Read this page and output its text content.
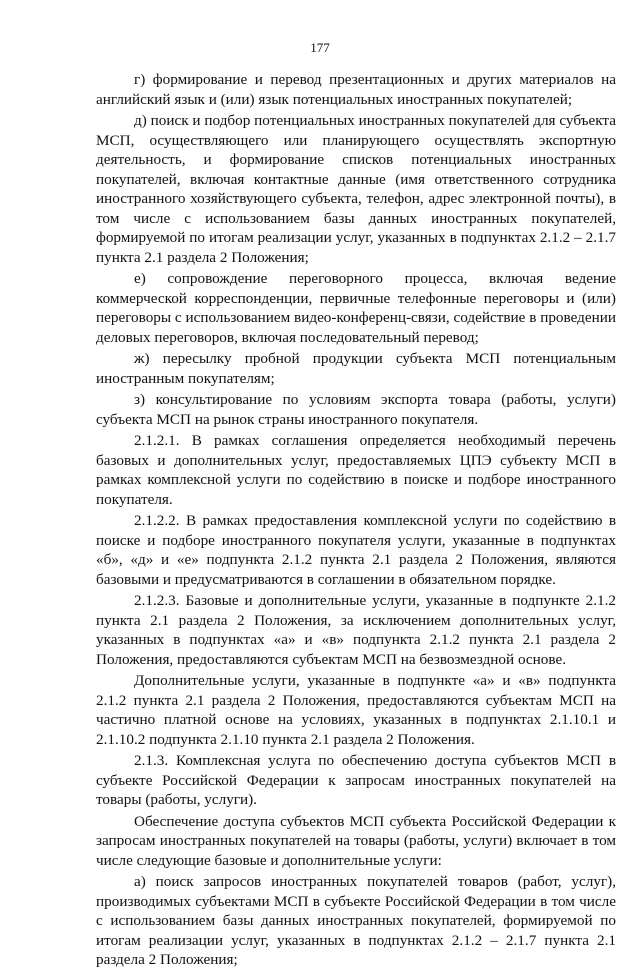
177

г) формирование и перевод презентационных и других материалов на английский язык и (или) язык потенциальных иностранных покупателей;

д) поиск и подбор потенциальных иностранных покупателей для субъекта МСП, осуществляющего или планирующего осуществлять экспортную деятельность, и формирование списков потенциальных иностранных покупателей, включая контактные данные (имя ответственного сотрудника иностранного хозяйствующего субъекта, телефон, адрес электронной почты), в том числе с использованием базы данных иностранных покупателей, формируемой по итогам реализации услуг, указанных в подпунктах 2.1.2 – 2.1.7 пункта 2.1 раздела 2 Положения;

е) сопровождение переговорного процесса, включая ведение коммерческой корреспонденции, первичные телефонные переговоры и (или) переговоры с использованием видео-конференц-связи, содействие в проведении деловых переговоров, включая последовательный перевод;

ж) пересылку пробной продукции субъекта МСП потенциальным иностранным покупателям;

з) консультирование по условиям экспорта товара (работы, услуги) субъекта МСП на рынок страны иностранного покупателя.

2.1.2.1. В рамках соглашения определяется необходимый перечень базовых и дополнительных услуг, предоставляемых ЦПЭ субъекту МСП в рамках комплексной услуги по содействию в поиске и подборе иностранного покупателя.

2.1.2.2. В рамках предоставления комплексной услуги по содействию в поиске и подборе иностранного покупателя услуги, указанные в подпунктах «б», «д» и «е» подпункта 2.1.2 пункта 2.1 раздела 2 Положения, являются базовыми и предусматриваются в соглашении в обязательном порядке.

2.1.2.3. Базовые и дополнительные услуги, указанные в подпункте 2.1.2 пункта 2.1 раздела 2 Положения, за исключением дополнительных услуг, указанных в подпунктах «а» и «в» подпункта 2.1.2 пункта 2.1 раздела 2 Положения, предоставляются субъектам МСП на безвозмездной основе.

Дополнительные услуги, указанные в подпункте «а» и «в» подпункта 2.1.2 пункта 2.1 раздела 2 Положения, предоставляются субъектам МСП на частично платной основе на условиях, указанных в подпунктах 2.1.10.1 и 2.1.10.2 подпункта 2.1.10 пункта 2.1 раздела 2 Положения.

2.1.3. Комплексная услуга по обеспечению доступа субъектов МСП в субъекте Российской Федерации к запросам иностранных покупателей на товары (работы, услуги).

Обеспечение доступа субъектов МСП субъекта Российской Федерации к запросам иностранных покупателей на товары (работы, услуги) включает в том числе следующие базовые и дополнительные услуги:

а) поиск запросов иностранных покупателей товаров (работ, услуг), производимых субъектами МСП в субъекте Российской Федерации в том числе с использованием базы данных иностранных покупателей, формируемой по итогам реализации услуг, указанных в подпунктах 2.1.2 – 2.1.7 пункта 2.1 раздела 2 Положения;
